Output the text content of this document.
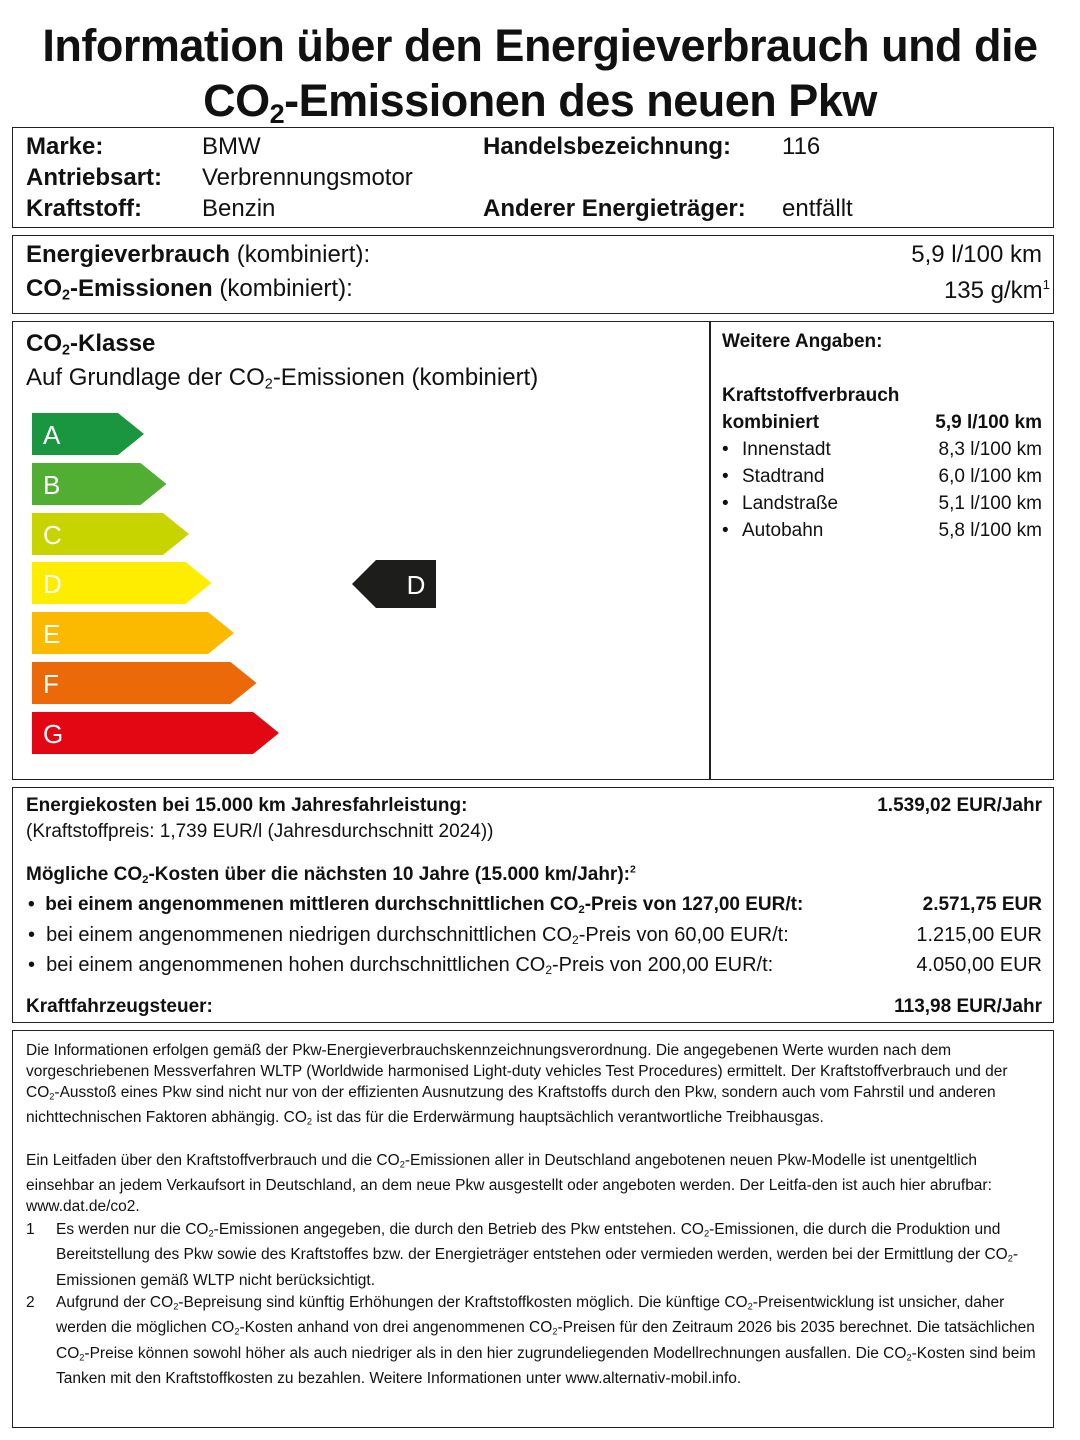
Information über den Energieverbrauch und die
$CO_2$-Emissionen des neuen Pkw
Marke:	BMW
Antriebsart: Verbrennungsmotor
Kraftstoff:	Benzin
Handelsbezeichnung: 116
Anderer Energieträger: entfällt
Energieverbrauch (kombiniert):	5,9 l/100 km
$CO_2$-Emissionen (kombiniert):	135 $g/km^1$
$CO_2$-Klasse
Auf Grundlage der $CO_2$-Emissionen (kombiniert)
A
B
C
D
E
F
G
D
Weitere Angaben:
Kraftstoffverbrauch
kombiniert	5,9 l/100 km
• Innenstadt	8,3 l/100 km
• Stadtrand	6,0 l/100 km
• Landstraße	5,1 l/100 km
• Autobahn	5,8 l/100 km
Energiekosten bei 15.000 km Jahresfahrleistung:	1.539,02 EUR/Jahr
(Kraftstoffpreis: 1,739 EUR/l (Jahresdurchschnitt 2024))
Mögliche $CO_2$-Kosten über die nächsten 10 Jahre (15.000 km/Jahr):$^2$
•  bei einem angenommenen mittleren durchschnittlichen $CO_2$-Preis von 127,00 EUR/t:	2.571,75 EUR
•  bei einem angenommenen niedrigen durchschnittlichen $CO_2$-Preis von 60,00 EUR/t:	1.215,00 EUR
•  bei einem angenommenen hohen durchschnittlichen $CO_2$-Preis von 200,00 EUR/t:	4.050,00 EUR
Kraftfahrzeugsteuer:	113,98 EUR/Jahr
Die Informationen erfolgen gemäß der Pkw-Energieverbrauchskennzeichnungsverordnung. Die angegebenen Werte wurden nach dem vorgeschriebenen Messverfahren WLTP (Worldwide harmonised Light-duty vehicles Test Procedures) ermittelt. Der Kraftstoffverbrauch und der $CO_2$-Ausstoß eines Pkw sind nicht nur von der effizienten Ausnutzung des Kraftstoffs durch den Pkw, sondern auch vom Fahrstil und anderen nichttechnischen Faktoren abhängig. $CO_2$ ist das für die Erderwärmung hauptsächlich verantwortliche Treibhausgas.
Ein Leitfaden über den Kraftstoffverbrauch und die $CO_2$-Emissionen aller in Deutschland angebotenen neuen Pkw-Modelle ist unentgeltlich einsehbar an jedem Verkaufsort in Deutschland, an dem neue Pkw ausgestellt oder angeboten werden. Der Leitfa-den ist auch hier abrufbar: www.dat.de/co2.
1 Es werden nur die $CO_2$-Emissionen angegeben, die durch den Betrieb des Pkw entstehen. $CO_2$-Emissionen, die durch die Produktion und Bereitstellung des Pkw sowie des Kraftstoffes bzw. der Energieträger entstehen oder vermieden werden, werden bei der Ermittlung der $CO_2$-Emissionen gemäß WLTP nicht berücksichtigt.
2 Aufgrund der $CO_2$-Bepreisung sind künftig Erhöhungen der Kraftstoffkosten möglich. Die künftige $CO_2$-Preisentwicklung ist unsicher, daher werden die möglichen $CO_2$-Kosten anhand von drei angenommenen $CO_2$-Preisen für den Zeitraum 2026 bis 2035 berechnet. Die tatsächlichen $CO_2$-Preise können sowohl höher als auch niedriger als in den hier zugrundeliegenden Modellrechnungen ausfallen. Die $CO_2$-Kosten sind beim Tanken mit den Kraftstoffkosten zu bezahlen. Weitere Informationen unter www.alternativ-mobil.info.
